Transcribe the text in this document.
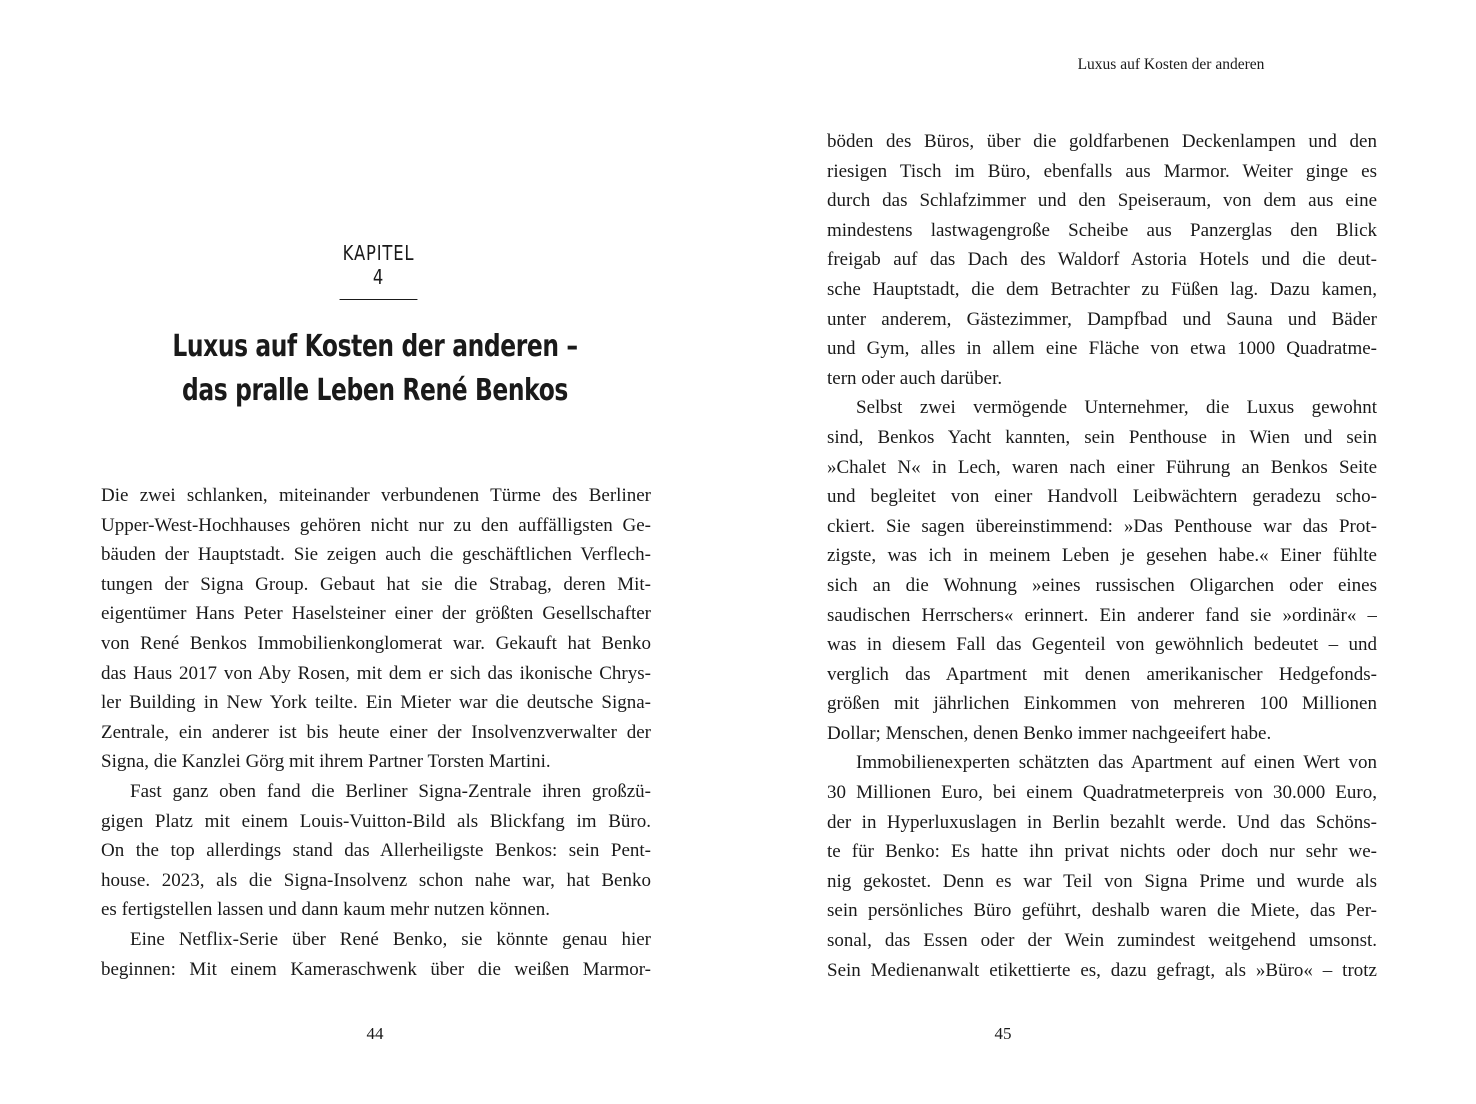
KAPITEL 4
Luxus auf Kosten der anderen –
das pralle Leben René Benkos
Die zwei schlanken, miteinander verbundenen Türme des Berliner
Upper-West-Hochhauses gehören nicht nur zu den auffälligsten Ge-
bäuden der Hauptstadt. Sie zeigen auch die geschäftlichen Verflech-
tungen der Signa Group. Gebaut hat sie die Strabag, deren Mit-
eigentümer Hans Peter Haselsteiner einer der größten Gesellschafter
von René Benkos Immobilienkonglomerat war. Gekauft hat Benko
das Haus 2017 von Aby Rosen, mit dem er sich das ikonische Chrys-
ler Building in New York teilte. Ein Mieter war die deutsche Signa-
Zentrale, ein anderer ist bis heute einer der Insolvenzverwalter der
Signa, die Kanzlei Görg mit ihrem Partner Torsten Martini.
Fast ganz oben fand die Berliner Signa-Zentrale ihren großzü-
gigen Platz mit einem Louis-Vuitton-Bild als Blickfang im Büro.
On the top allerdings stand das Allerheiligste Benkos: sein Pent-
house. 2023, als die Signa-Insolvenz schon nahe war, hat Benko
es fertigstellen lassen und dann kaum mehr nutzen können.
Eine Netflix-Serie über René Benko, sie könnte genau hier
beginnen: Mit einem Kameraschwenk über die weißen Marmor-
44
Luxus auf Kosten der anderen
böden des Büros, über die goldfarbenen Deckenlampen und den
riesigen Tisch im Büro, ebenfalls aus Marmor. Weiter ginge es
durch das Schlafzimmer und den Speiseraum, von dem aus eine
mindestens lastwagengroße Scheibe aus Panzerglas den Blick
freigab auf das Dach des Waldorf Astoria Hotels und die deut-
sche Hauptstadt, die dem Betrachter zu Füßen lag. Dazu kamen,
unter anderem, Gästezimmer, Dampfbad und Sauna und Bäder
und Gym, alles in allem eine Fläche von etwa 1000 Quadratme-
tern oder auch darüber.
Selbst zwei vermögende Unternehmer, die Luxus gewohnt
sind, Benkos Yacht kannten, sein Penthouse in Wien und sein
»Chalet N« in Lech, waren nach einer Führung an Benkos Seite
und begleitet von einer Handvoll Leibwächtern geradezu scho-
ckiert. Sie sagen übereinstimmend: »Das Penthouse war das Prot-
zigste, was ich in meinem Leben je gesehen habe.« Einer fühlte
sich an die Wohnung »eines russischen Oligarchen oder eines
saudischen Herrschers« erinnert. Ein anderer fand sie »ordinär« –
was in diesem Fall das Gegenteil von gewöhnlich bedeutet – und
verglich das Apartment mit denen amerikanischer Hedgefonds-
größen mit jährlichen Einkommen von mehreren 100 Millionen
Dollar; Menschen, denen Benko immer nachgeeifert habe.
Immobilienexperten schätzten das Apartment auf einen Wert von
30 Millionen Euro, bei einem Quadratmeterpreis von 30.000 Euro,
der in Hyperluxuslagen in Berlin bezahlt werde. Und das Schöns-
te für Benko: Es hatte ihn privat nichts oder doch nur sehr we-
nig gekostet. Denn es war Teil von Signa Prime und wurde als
sein persönliches Büro geführt, deshalb waren die Miete, das Per-
sonal, das Essen oder der Wein zumindest weitgehend umsonst.
Sein Medienanwalt etikettierte es, dazu gefragt, als »Büro« – trotz
45
